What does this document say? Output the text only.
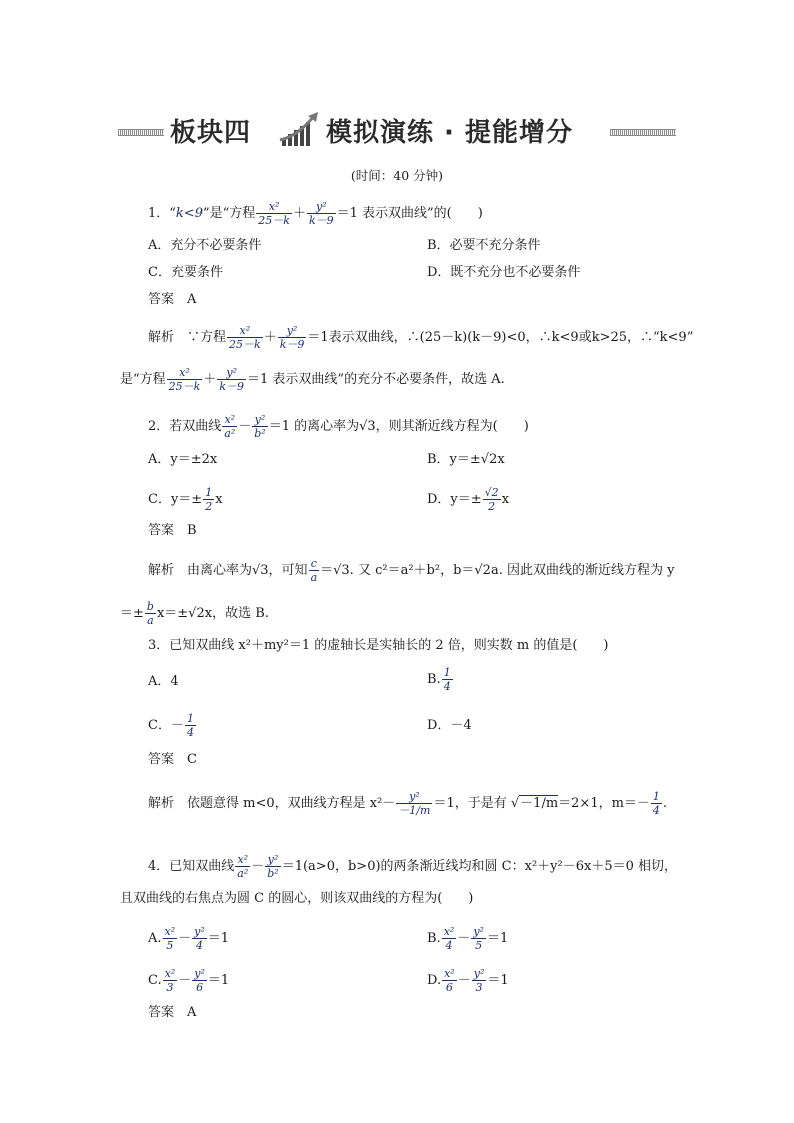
板块四	模拟演练 · 提能增分
(时间：40 分钟)
1．“k<9”是“方程 $\frac{\text{x²}}{25-k} + \frac{\text{y²}}{k-9} =1$ 表示双曲线”的(　　)
A．充分不必要条件	B．必要不充分条件
C．充要条件	D．既不充分也不必要条件
答案　A
解析　∵方程 $\frac{\text{x²}}{25-k} + \frac{\text{y²}}{k-9} =1$表示双曲线，∴(25－k)(k－9)<0，∴k<9或k>25，∴“k<9”
是“方程 $\frac{\text{x²}}{25-k} + \frac{\text{y²}}{k-9} =1$ 表示双曲线”的充分不必要条件，故选 A.
2．若双曲线 $\frac{\text{x²}}{\text{a²}} - \frac{\text{y²}}{\text{b²}} =1$ 的离心率为√3，则其渐近线方程为(　　)
A．y＝±2x	B．y＝±√2x
C．$y=\pm \frac{1}{2}$ x	D．$y=\pm \frac{√2}{2}$ x
答案　B
解析　由离心率为√3，可知 $\frac{c}{a} =√3$. 又 c²＝a²＋b²，b＝√2a. 因此双曲线的渐近线方程为 y
＝± $\frac{b}{a} x=\pm√2x$，故选 B.
3．已知双曲线 x²＋my²＝1 的虚轴长是实轴长的 2 倍，则实数 m 的值是(　　)
A．4	B. $\frac{1}{4}$
C．－ $\frac{1}{4}$	D．－4
答案　C
解析　依题意得 m<0，双曲线方程是 $x^2- \frac{\text{y²}}{-1/m} =1$，于是有 √－1/m＝2×1，$m=- \frac{1}{4}$ .
4．已知双曲线 $\frac{\text{x²}}{\text{a²}} - \frac{\text{y²}}{\text{b²}} =1(a>0$，b>0)的两条渐近线均和圆 C：x²＋y²－6x＋5＝0 相切，
且双曲线的右焦点为圆 C 的圆心，则该双曲线的方程为(　　)
A. $\frac{\text{x²}}{5} - \frac{\text{y²}}{4} =1$	B. $\frac{\text{x²}}{4} - \frac{\text{y²}}{5} =1$
C. $\frac{\text{x²}}{3} - \frac{\text{y²}}{6} =1$	D. $\frac{\text{x²}}{6} - \frac{\text{y²}}{3} =1$
答案　A
